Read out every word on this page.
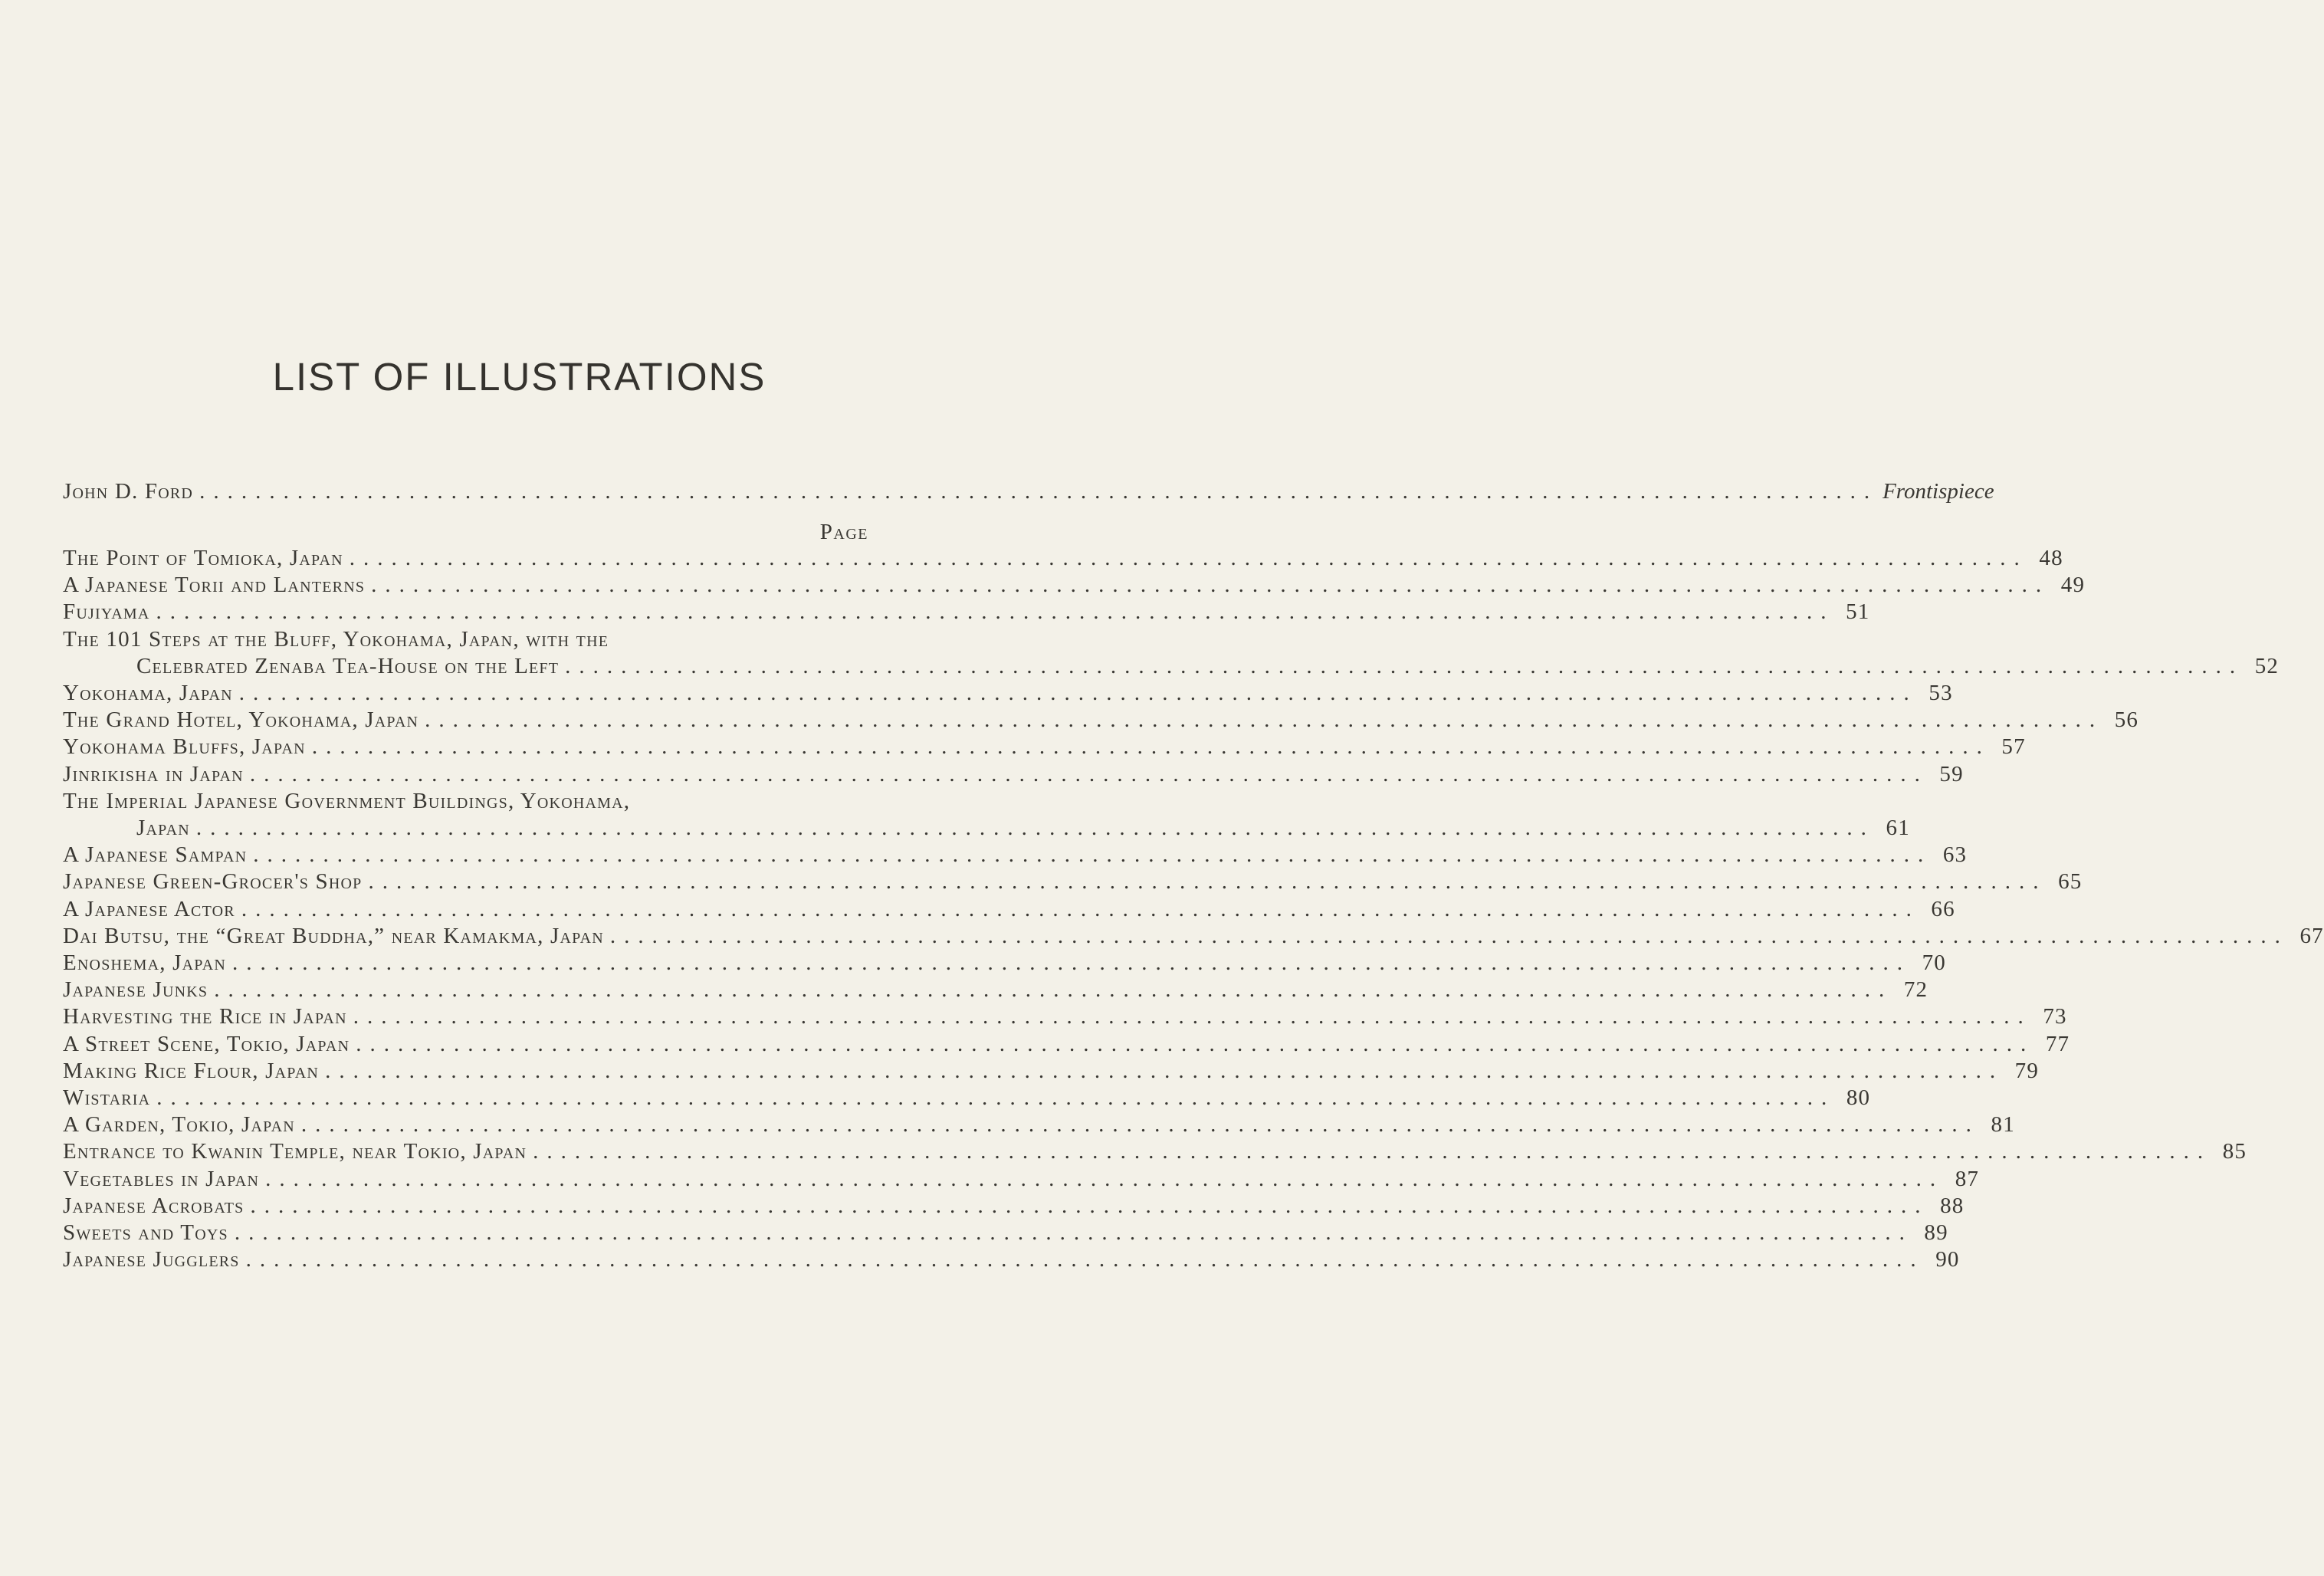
LIST OF ILLUSTRATIONS
John D. Ford ........................................................................................................................ Frontispiece
Page
The Point of Tomioka, Japan ........................................................................................................................ 48
A Japanese Torii and Lanterns ........................................................................................................................ 49
Fujiyama ........................................................................................................................ 51
The 101 Steps at the Bluff, Yokohama, Japan, with the
Celebrated Zenaba Tea-House on the Left ........................................................................................................................ 52
Yokohama, Japan ........................................................................................................................ 53
The Grand Hotel, Yokohama, Japan ........................................................................................................................ 56
Yokohama Bluffs, Japan ........................................................................................................................ 57
Jinrikisha in Japan ........................................................................................................................ 59
The Imperial Japanese Government Buildings, Yokohama,
Japan ........................................................................................................................ 61
A Japanese Sampan ........................................................................................................................ 63
Japanese Green-Grocer's Shop ........................................................................................................................ 65
A Japanese Actor ........................................................................................................................ 66
Dai Butsu, the “Great Buddha,” near Kamakma, Japan ........................................................................................................................ 67
Enoshema, Japan ........................................................................................................................ 70
Japanese Junks ........................................................................................................................ 72
Harvesting the Rice in Japan ........................................................................................................................ 73
A Street Scene, Tokio, Japan ........................................................................................................................ 77
Making Rice Flour, Japan ........................................................................................................................ 79
Wistaria ........................................................................................................................ 80
A Garden, Tokio, Japan ........................................................................................................................ 81
Entrance to Kwanin Temple, near Tokio, Japan ........................................................................................................................ 85
Vegetables in Japan ........................................................................................................................ 87
Japanese Acrobats ........................................................................................................................ 88
Sweets and Toys ........................................................................................................................ 89
Japanese Jugglers ........................................................................................................................ 90
